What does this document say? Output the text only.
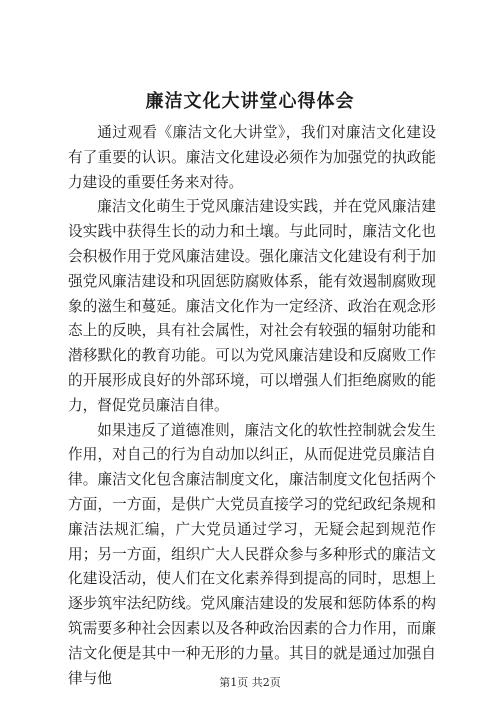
廉洁文化大讲堂心得体会

通过观看《廉洁文化大讲堂》，我们对廉洁文化建设有了重要的认识。廉洁文化建设必须作为加强党的执政能力建设的重要任务来对待。

廉洁文化萌生于党风廉洁建设实践，并在党风廉洁建设实践中获得生长的动力和土壤。与此同时，廉洁文化也会积极作用于党风廉洁建设。强化廉洁文化建设有利于加强党风廉洁建设和巩固惩防腐败体系，能有效遏制腐败现象的滋生和蔓延。廉洁文化作为一定经济、政治在观念形态上的反映，具有社会属性，对社会有较强的辐射功能和潜移默化的教育功能。可以为党风廉洁建设和反腐败工作的开展形成良好的外部环境，可以增强人们拒绝腐败的能力，督促党员廉洁自律。

如果违反了道德准则，廉洁文化的软性控制就会发生作用，对自己的行为自动加以纠正，从而促进党员廉洁自律。廉洁文化包含廉洁制度文化，廉洁制度文化包括两个方面，一方面，是供广大党员直接学习的党纪政纪条规和廉洁法规汇编，广大党员通过学习，无疑会起到规范作用；另一方面，组织广大人民群众参与多种形式的廉洁文化建设活动，使人们在文化素养得到提高的同时，思想上逐步筑牢法纪防线。党风廉洁建设的发展和惩防体系的构筑需要多种社会因素以及各种政治因素的合力作用，而廉洁文化便是其中一种无形的力量。其目的就是通过加强自律与他	第1页 共2页
